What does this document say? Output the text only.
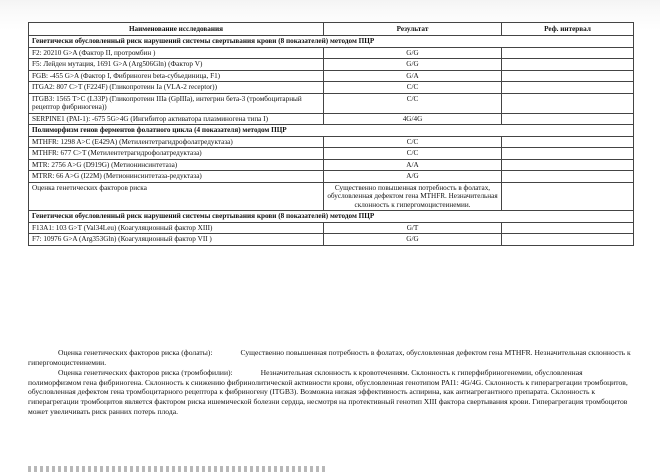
Наименование исследования	Результат	Реф. интервал
Генетически обусловленный риск нарушений системы свертывания крови (8 показателей) методом ПЦР		
F2: 20210 G>A (Фактор II, протромбин )	G/G	
F5: Лейден мутация, 1691 G>A (Arg506Gln) (Фактор V)	G/G	
FGB: -455 G>A (Фактор I, Фибриноген beta-субъединица, F1)	G/A	
ITGA2: 807 C>T (F224F) (Гликопротеин Ia (VLA-2 receptor))	C/C	
ITGB3: 1565 T>C (L33P) (Гликопротеин IIIa (GpIIIa), интегрин бета-3 (тромбоцитарный рецептор фибриногена))	C/C	
SERPINE1 (PAI-1): -675 5G>4G (Ингибитор активатора плазминогена типа I)	4G/4G	
Полиморфизм генов ферментов фолатного цикла (4 показателя) методом ПЦР		
MTHFR: 1298 A>C (E429A) (Метилентетрагидрофолатредуктаза)	C/C	
MTHFR: 677 C>T (Метилентетрагидрофолатредуктаза)	C/C	
MTR: 2756 A>G (D919G) (Метионинсинтетаза)	A/A	
MTRR: 66 A>G (I22M) (Метионинсинтетаза-редуктаза)	A/G	
Оценка генетических факторов риска	Существенно повышенная потребность в фолатах, обусловленная дефектом гена MTHFR. Незначительная склонность к гипергомоцистеинемии.	
Генетически обусловленный риск нарушений системы свертывания крови (8 показателей) методом ПЦР		
F13A1: 103 G>T (Val34Leu) (Коагуляционный фактор XIII)	G/T	
F7: 10976 G>A (Arg353Gln) (Коагуляционный фактор VII )	G/G	

Оценка генетических факторов риска (фолаты):	Существенно повышенная потребность в фолатах, обусловленная дефектом гена MTHFR. Незначительная склонность к гипергомоцистеинемии.

Оценка генетических факторов риска (тромбофилии):	Незначительная склонность к кровотечениям. Склонность к гиперфибриногенемии, обусловленная полиморфизмом гена фибриногена. Склонность к снижению фибринолитической активности крови, обусловленная генотипом PAI1: 4G/4G. Склонность к гиперагрегации тромбоцитов, обусловленная дефектом гена тромбоцитарного рецептора к фибриногену (ITGB3). Возможна низкая эффективность аспирина, как антиагрегантного препарата. Склонность к гиперагрегации тромбоцитов является фактором риска ишемической болезни сердца, несмотря на протективный генотип XIII фактора свертывания крови. Гиперагрегация тромбоцитов может увеличивать риск ранних потерь плода.
